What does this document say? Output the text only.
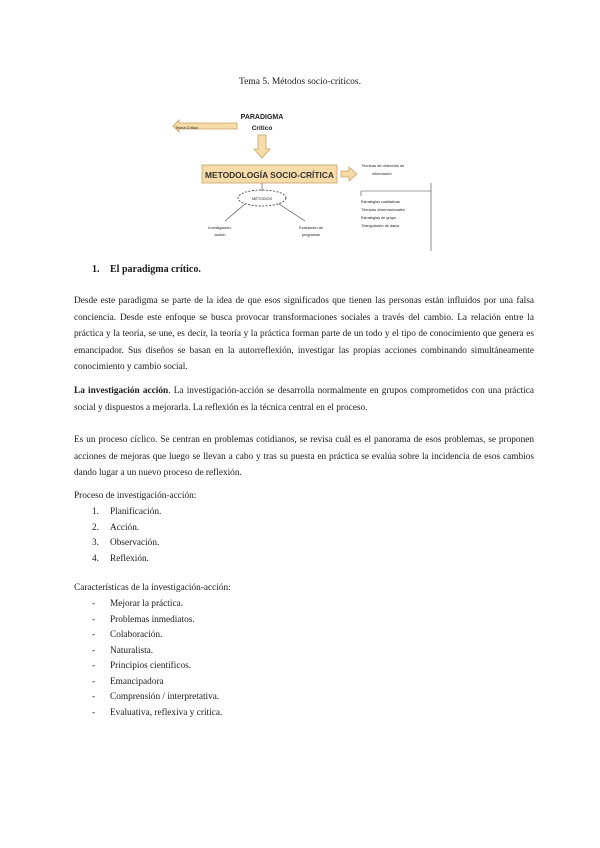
Tema 5. Métodos socio-críticos.
PARADIGMA
Crítico
Teoría Crítica
METODOLOGÍA SOCIO-CRÍTICA
Técnicas de obtención de
información
Estrategias cualitativas
Técnicas observacionales
Estrategias de grupo
Triangulación de datos
MÉTODOS
Investigación-
acción
Evaluación de
programas
1. El paradigma crítico.
Desde este paradigma se parte de la idea de que esos significados que tienen las personas están influidos por una falsa conciencia. Desde este enfoque se busca provocar transformaciones sociales a través del cambio. La relación entre la práctica y la teoría, se une, es decir, la teoría y la práctica forman parte de un todo y el tipo de conocimiento que genera es emancipador. Sus diseños se basan en la autorreflexión, investigar las propias acciones combinando simultáneamente conocimiento y cambio social.
La investigación acción. La investigación-acción se desarrolla normalmente en grupos comprometidos con una práctica social y dispuestos a mejorarla. La reflexión es la técnica central en el proceso.
Es un proceso cíclico. Se centran en problemas cotidianos, se revisa cuál es el panorama de esos problemas, se proponen acciones de mejoras que luego se llevan a cabo y tras su puesta en práctica se evalúa sobre la incidencia de esos cambios dando lugar a un nuevo proceso de reflexión.
Proceso de investigación-acción:
1. Planificación.
2. Acción.
3. Observación.
4. Reflexión.
Características de la investigación-acción:
- Mejorar la práctica.
- Problemas inmediatos.
- Colaboración.
- Naturalista.
- Principios científicos.
- Emancipadora
- Comprensión / interpretativa.
- Evaluativa, reflexiva y crítica.
